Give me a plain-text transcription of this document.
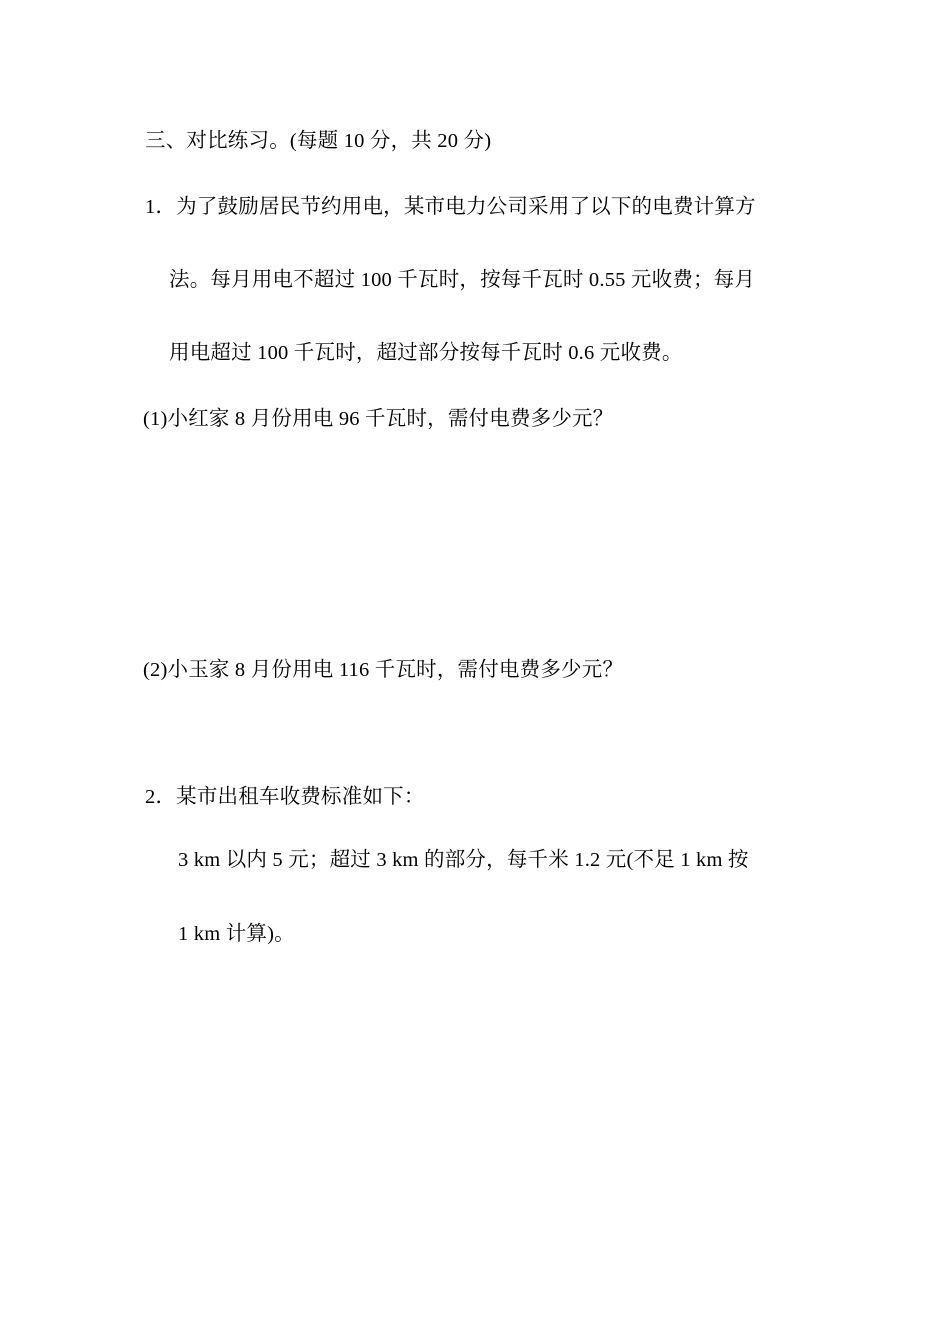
三、对比练习。(每题 10 分，共 20 分)
1．为了鼓励居民节约用电，某市电力公司采用了以下的电费计算方
法。每月用电不超过 100 千瓦时，按每千瓦时 0.55 元收费；每月
用电超过 100 千瓦时，超过部分按每千瓦时 0.6 元收费。
(1)小红家 8 月份用电 96 千瓦时，需付电费多少元？
(2)小玉家 8 月份用电 116 千瓦时，需付电费多少元？
2．某市出租车收费标准如下：
3 km 以内 5 元；超过 3 km 的部分，每千米 1.2 元(不足 1 km 按
1 km 计算)。
